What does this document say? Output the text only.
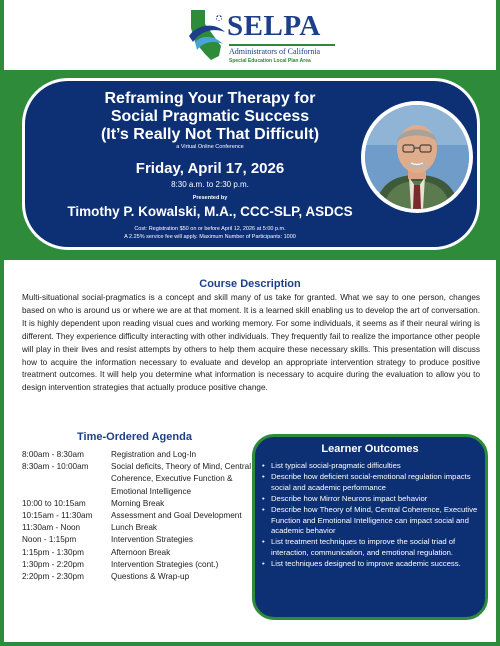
SELPA
Administrators of California
Special Education Local Plan Area
Reframing Your Therapy for
Social Pragmatic Success
(It’s Really Not That Difficult)
a Virtual Online Conference
Friday, April 17, 2026
8:30 a.m. to 2:30 p.m.
Presented by
Timothy P. Kowalski, M.A., CCC-SLP, ASDCS
Cost: Registration $50 on or before April 12, 2026 at 5:00 p.m.
A 2.25% service fee will apply. Maximum Number of Participants: 1000
Course Description
Multi-situational social-pragmatics is a concept and skill many of us take for granted. What we say to one person, changes based on who is around us or where we are at that moment. It is a learned skill enabling us to develop the art of conversation. It is highly dependent upon reading visual cues and working memory. For some individuals, it seems as if their neural wiring is different. They experience difficulty interacting with other individuals. They frequently fail to realize the importance other people will play in their lives and resist attempts by others to help them acquire these necessary skills. This presentation will discuss how to acquire the information necessary to evaluate and develop an appropriate intervention strategy to produce positive treatment outcomes. It will help you determine what information is necessary to acquire during the evaluation to allow you to design intervention strategies that actually produce positive change.
Time-Ordered Agenda
8:00am - 8:30am	Registration and Log-In
8:30am - 10:00am	Social deficits, Theory of Mind, Central Coherence, Executive Function & Emotional Intelligence
10:00 to 10:15am	Morning Break
10:15am - 11:30am	Assessment and Goal Development
11:30am - Noon	Lunch Break
Noon - 1:15pm	Intervention Strategies
1:15pm - 1:30pm	Afternoon Break
1:30pm - 2:20pm	Intervention Strategies (cont.)
2:20pm - 2:30pm	Questions & Wrap-up
Learner Outcomes
• List typical social-pragmatic difficulties
• Describe how deficient social-emotional regulation impacts social and academic performance
• Describe how Mirror Neurons impact behavior
• Describe how Theory of Mind, Central Coherence, Executive Function and Emotional Intelligence can impact social and academic behavior
• List treatment techniques to improve the social triad of interaction, communication, and emotional regulation.
• List techniques designed to improve academic success.
